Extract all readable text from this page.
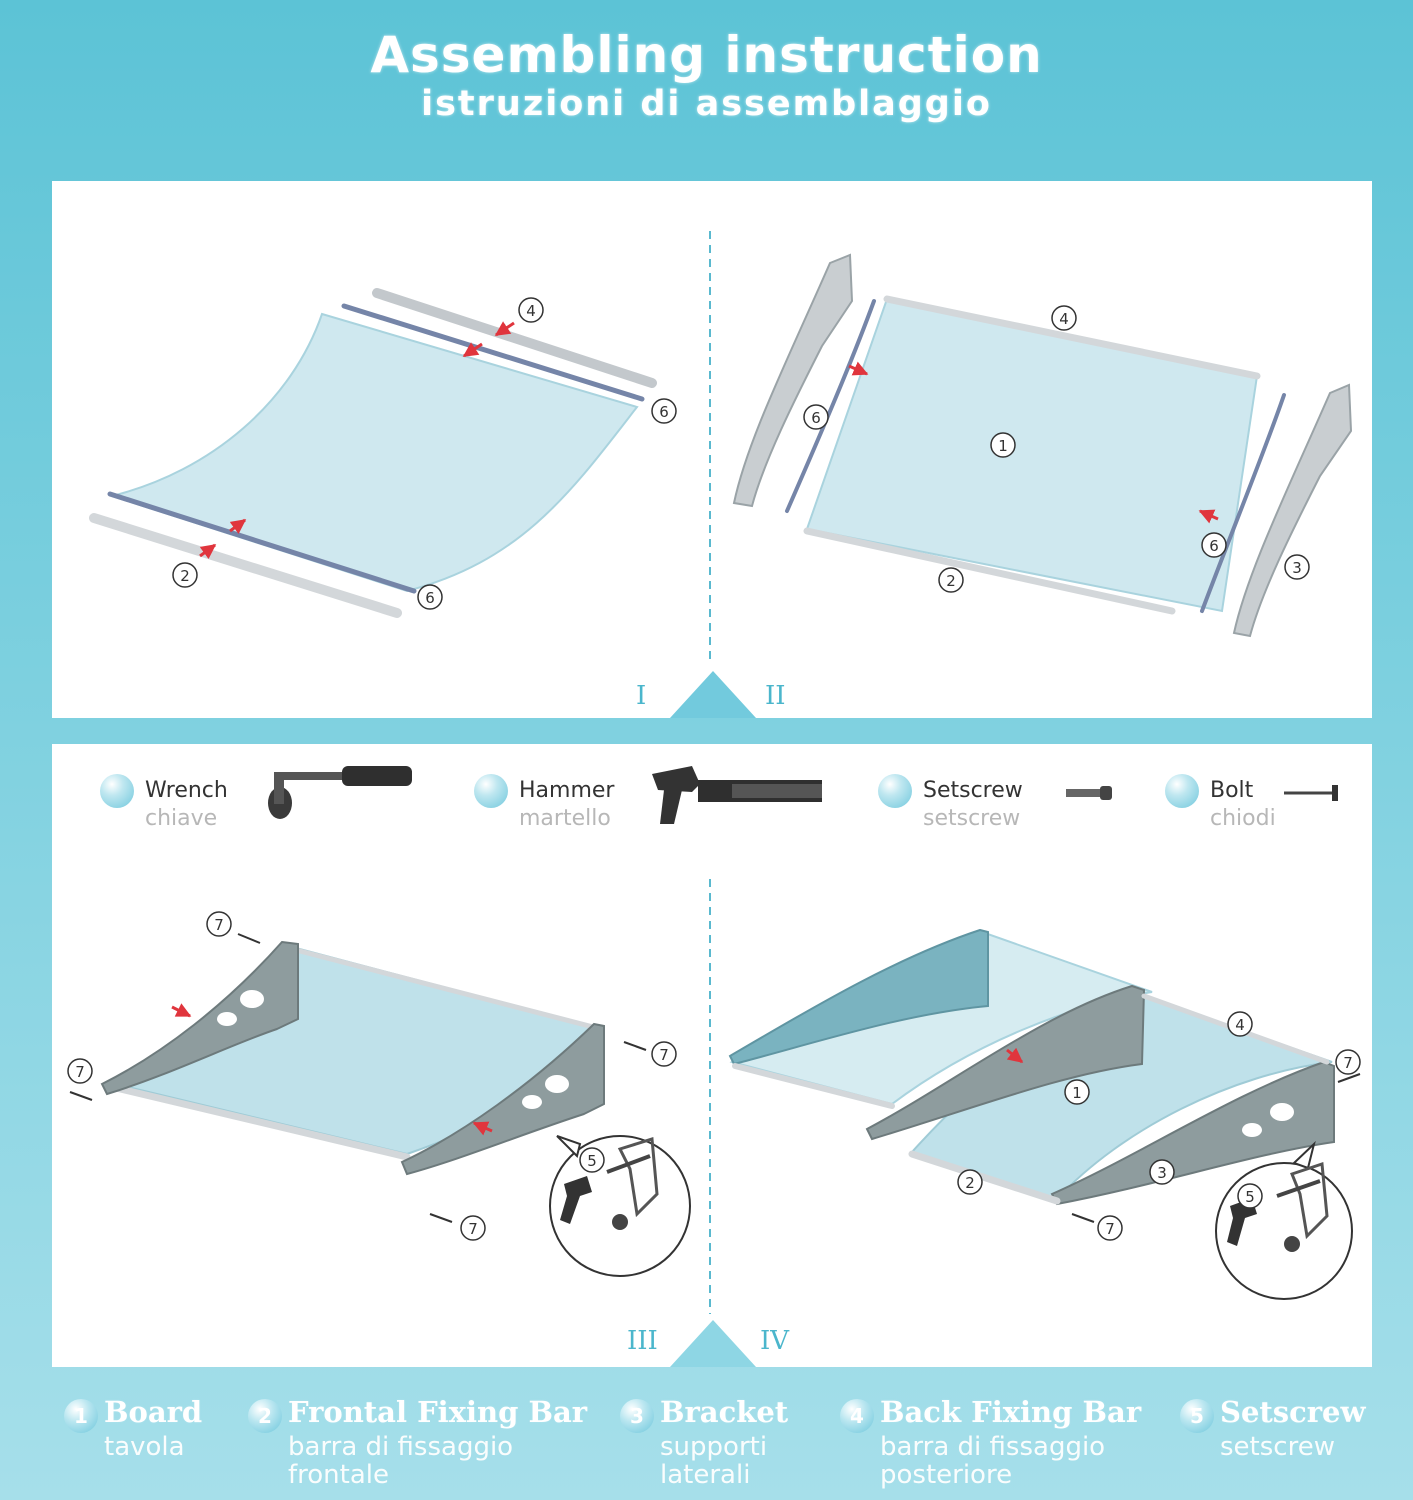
Assembling instruction
istruzioni di assemblaggio
4
6
2
6
4
1
6
6
2
3
I	II
7
7
7
7
5
4
7
1
2
3
7
5
Wrench
chiave
Hammer
martello
Setscrew
setscrew
Bolt
chiodi
III	IV
1 Board
tavola
2 Frontal Fixing Bar
barra di fissaggio
frontale
3 Bracket
supporti
laterali
4 Back Fixing Bar
barra di fissaggio
posteriore
5 Setscrew
setscrew
